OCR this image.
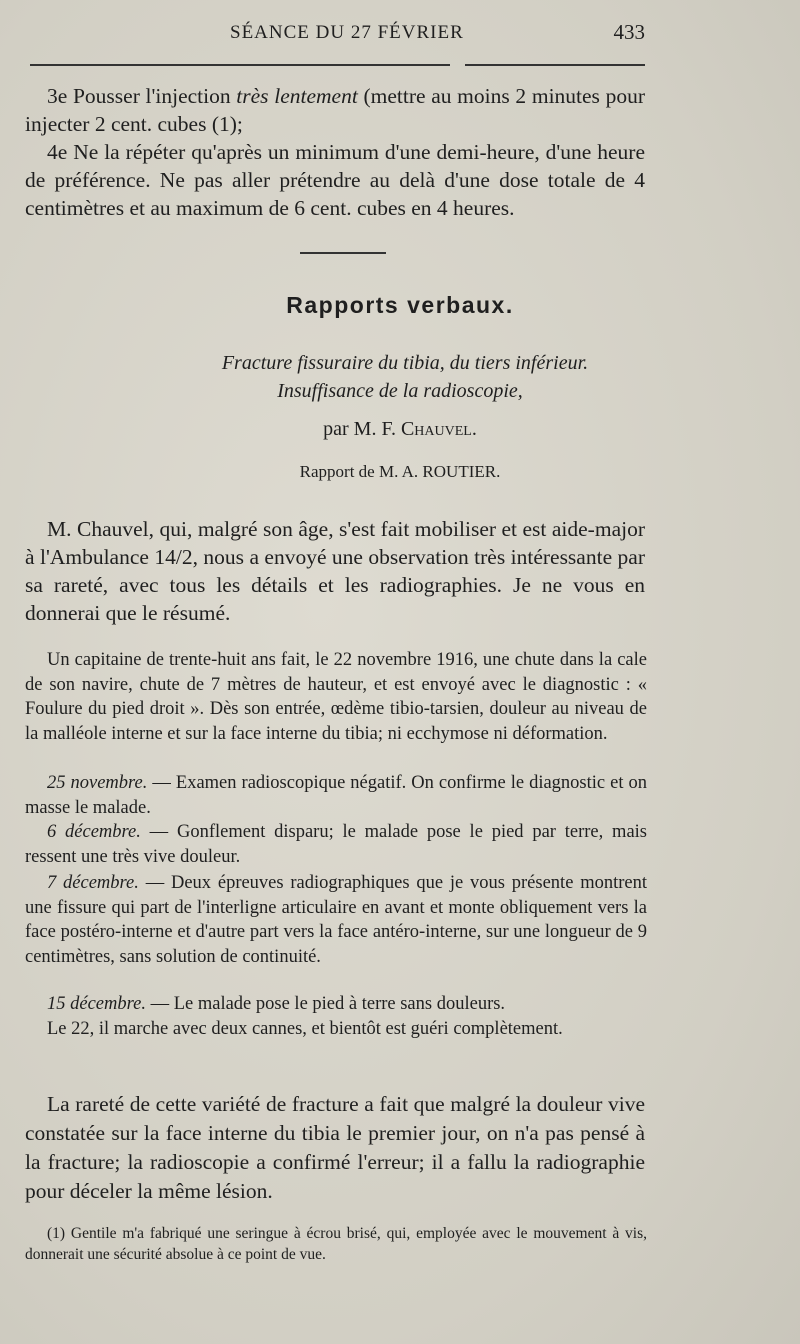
SÉANCE DU 27 FÉVRIER	433
3e Pousser l'injection très lentement (mettre au moins 2 minutes pour injecter 2 cent. cubes (1);
4e Ne la répéter qu'après un minimum d'une demi-heure, d'une heure de préférence. Ne pas aller prétendre au delà d'une dose totale de 4 centimètres et au maximum de 6 cent. cubes en 4 heures.
Rapports verbaux.
Fracture fissuraire du tibia, du tiers inférieur.
Insuffisance de la radioscopie,
par M. F. Chauvel.
Rapport de M. A. ROUTIER.
M. Chauvel, qui, malgré son âge, s'est fait mobiliser et est aide-major à l'Ambulance 14/2, nous a envoyé une observation très intéressante par sa rareté, avec tous les détails et les radiographies. Je ne vous en donnerai que le résumé.
Un capitaine de trente-huit ans fait, le 22 novembre 1916, une chute dans la cale de son navire, chute de 7 mètres de hauteur, et est envoyé avec le diagnostic : « Foulure du pied droit ». Dès son entrée, œdème tibio-tarsien, douleur au niveau de la malléole interne et sur la face interne du tibia; ni ecchymose ni déformation.
25 novembre. — Examen radioscopique négatif. On confirme le diagnostic et on masse le malade.
6 décembre. — Gonflement disparu; le malade pose le pied par terre, mais ressent une très vive douleur.
7 décembre. — Deux épreuves radiographiques que je vous présente montrent une fissure qui part de l'interligne articulaire en avant et monte obliquement vers la face postéro-interne et d'autre part vers la face antéro-interne, sur une longueur de 9 centimètres, sans solution de continuité.
15 décembre. — Le malade pose le pied à terre sans douleurs.
Le 22, il marche avec deux cannes, et bientôt est guéri complètement.
La rareté de cette variété de fracture a fait que malgré la douleur vive constatée sur la face interne du tibia le premier jour, on n'a pas pensé à la fracture; la radioscopie a confirmé l'erreur; il a fallu la radiographie pour déceler la même lésion.
(1) Gentile m'a fabriqué une seringue à écrou brisé, qui, employée avec le mouvement à vis, donnerait une sécurité absolue à ce point de vue.
